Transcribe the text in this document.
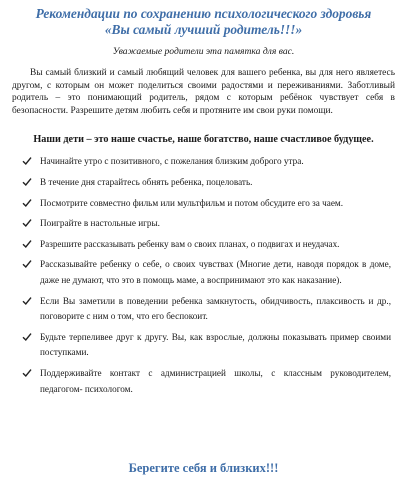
Рекомендации по сохранению психологического здоровья
«Вы самый лучший родитель!!!»

Уважаемые родители эта памятка для вас.

Вы самый близкий и самый любящий человек для вашего ребенка, вы для него являетесь другом, с которым он может поделиться своими радостями и переживаниями. Заботливый родитель – это понимающий родитель, рядом с которым ребёнок чувствует себя в безопасности. Разрешите детям любить себя и протяните им свои руки помощи.

Наши дети – это наше счастье, наше богатство, наше счастливое будущее.

Начинайте утро с позитивного, с пожелания близким доброго утра.
В течение дня старайтесь обнять ребенка, поцеловать.
Посмотрите совместно фильм или мультфильм и потом обсудите его за чаем.
Поиграйте в настольные игры.
Разрешите рассказывать ребенку вам о своих планах, о подвигах и неудачах.
Рассказывайте ребенку о себе, о своих чувствах (Многие дети, наводя порядок в доме, даже не думают, что это в помощь маме, а воспринимают это как наказание).
Если Вы заметили в поведении ребенка замкнутость, обидчивость, плаксивость и др., поговорите с ним о том, что его беспокоит.
Будьте терпеливее друг к другу. Вы, как взрослые, должны показывать пример своими поступками.
Поддерживайте контакт с администрацией школы, с классным руководителем, педагогом- психологом.

Берегите себя и близких!!!
